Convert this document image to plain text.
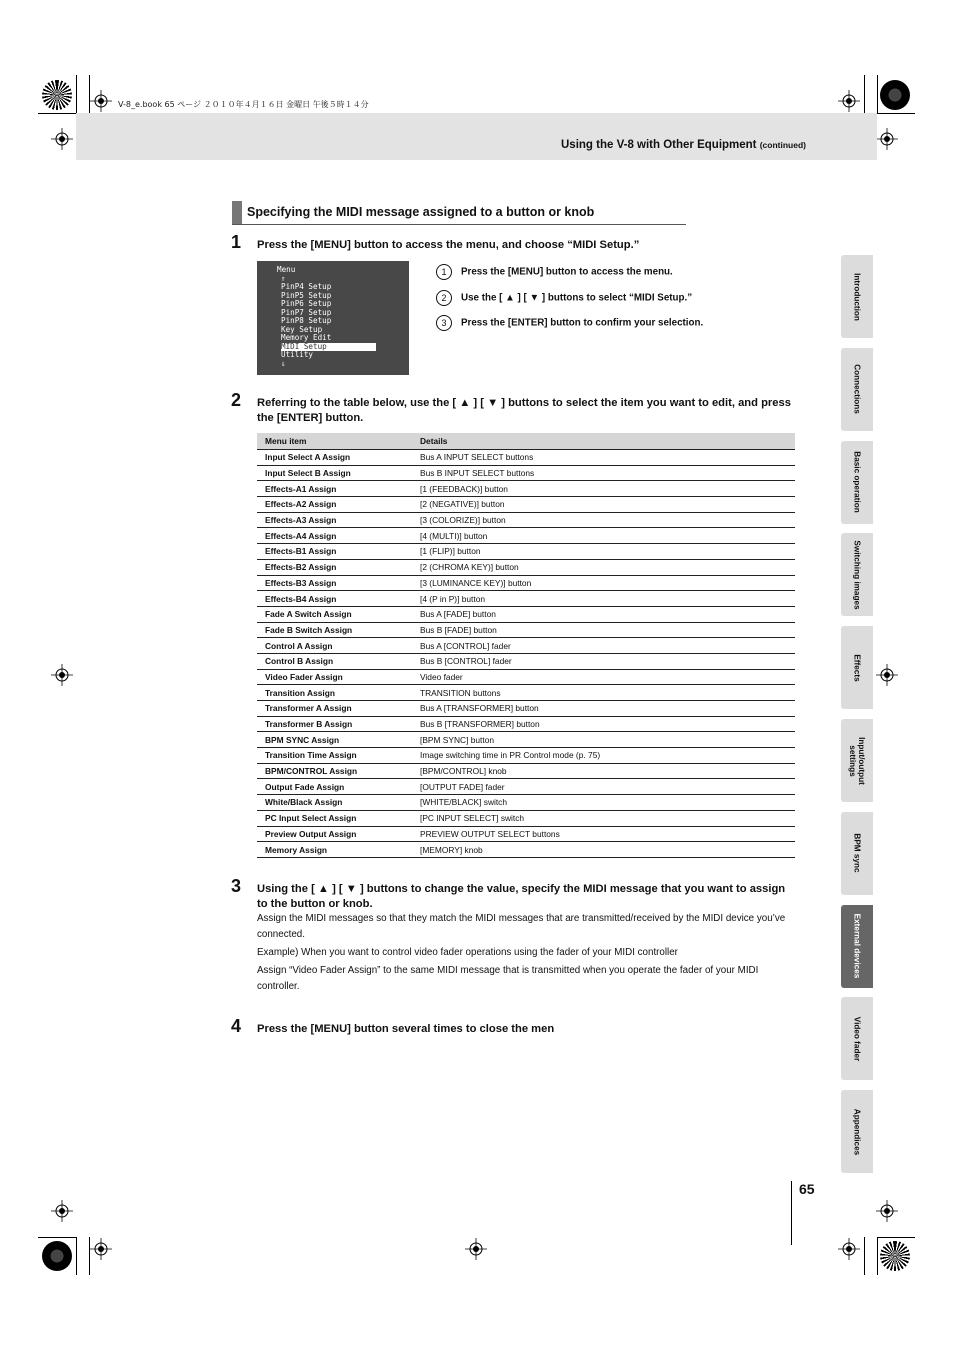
V-8_e.book 65 ページ ２０１０年４月１６日 金曜日 午後５時１４分
Using the V-8 with Other Equipment (continued)
Specifying the MIDI message assigned to a button or knob
1 Press the [MENU] button to access the menu, and choose “MIDI Setup.”
Menu
⇑
PinP4 Setup
PinP5 Setup
PinP6 Setup
PinP7 Setup
PinP8 Setup
Key Setup
Memory Edit
MIDI Setup
Utility
⇓
1 Press the [MENU] button to access the menu.
2 Use the [ ▲ ] [ ▼ ] buttons to select “MIDI Setup.”
3 Press the [ENTER] button to confirm your selection.
2 Referring to the table below, use the [ ▲ ] [ ▼ ] buttons to select the item you want to edit, and press the [ENTER] button.
Menu item	Details
Input Select A Assign	Bus A INPUT SELECT buttons
Input Select B Assign	Bus B INPUT SELECT buttons
Effects-A1 Assign	[1 (FEEDBACK)] button
Effects-A2 Assign	[2 (NEGATIVE)] button
Effects-A3 Assign	[3 (COLORIZE)] button
Effects-A4 Assign	[4 (MULTI)] button
Effects-B1 Assign	[1 (FLIP)] button
Effects-B2 Assign	[2 (CHROMA KEY)] button
Effects-B3 Assign	[3 (LUMINANCE KEY)] button
Effects-B4 Assign	[4 (P in P)] button
Fade A Switch Assign	Bus A [FADE] button
Fade B Switch Assign	Bus B [FADE] button
Control A Assign	Bus A [CONTROL] fader
Control B Assign	Bus B [CONTROL] fader
Video Fader Assign	Video fader
Transition Assign	TRANSITION buttons
Transformer A Assign	Bus A [TRANSFORMER] button
Transformer B Assign	Bus B [TRANSFORMER] button
BPM SYNC Assign	[BPM SYNC] button
Transition Time Assign	Image switching time in PR Control mode (p. 75)
BPM/CONTROL Assign	[BPM/CONTROL] knob
Output Fade Assign	[OUTPUT FADE] fader
White/Black Assign	[WHITE/BLACK] switch
PC Input Select Assign	[PC INPUT SELECT] switch
Preview Output Assign	PREVIEW OUTPUT SELECT buttons
Memory Assign	[MEMORY] knob
3 Using the [ ▲ ] [ ▼ ] buttons to change the value, specify the MIDI message that you want to assign to the button or knob.
Assign the MIDI messages so that they match the MIDI messages that are transmitted/received by the MIDI device you’ve connected.
Example) When you want to control video fader operations using the fader of your MIDI controller
Assign “Video Fader Assign” to the same MIDI message that is transmitted when you operate the fader of your MIDI controller.
4 Press the [MENU] button several times to close the men
Introduction
Connections
Basic operation
Switching images
Effects
Input/output settings
BPM sync
External devices
Video fader
Appendices
65
